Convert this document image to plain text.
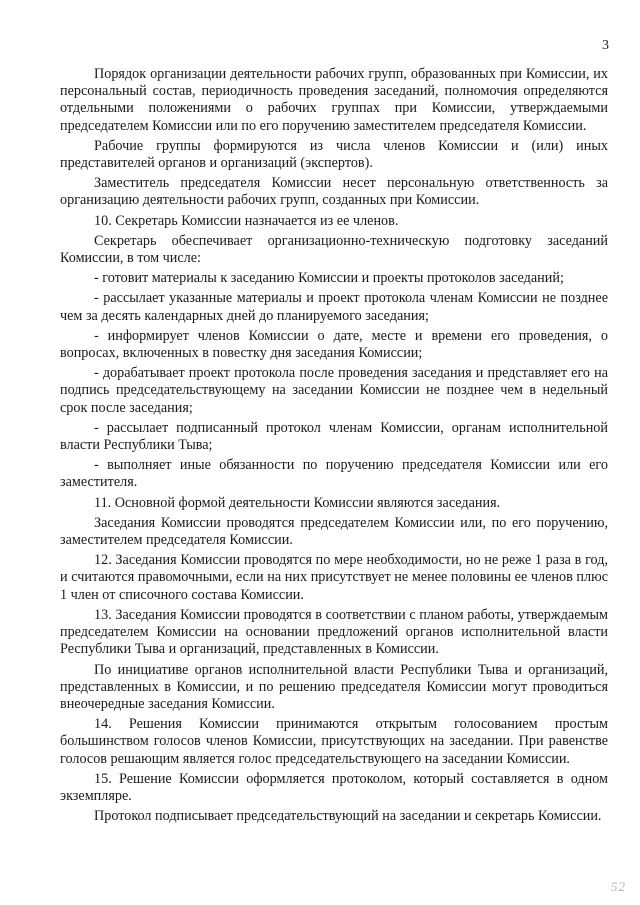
3

Порядок организации деятельности рабочих групп, образованных при Комиссии, их персональный состав, периодичность проведения заседаний, полномочия определяются отдельными положениями о рабочих группах при Комиссии, утверждаемыми председателем Комиссии или по его поручению заместителем председателя Комиссии.

Рабочие группы формируются из числа членов Комиссии и (или) иных представителей органов и организаций (экспертов).

Заместитель председателя Комиссии несет персональную ответственность за организацию деятельности рабочих групп, созданных при Комиссии.

10. Секретарь Комиссии назначается из ее членов.

Секретарь обеспечивает организационно-техническую подготовку заседаний Комиссии, в том числе:

- готовит материалы к заседанию Комиссии и проекты протоколов заседаний;

- рассылает указанные материалы и проект протокола членам Комиссии не позднее чем за десять календарных дней до планируемого заседания;

- информирует членов Комиссии о дате, месте и времени его проведения, о вопросах, включенных в повестку дня заседания Комиссии;

- дорабатывает проект протокола после проведения заседания и представляет его на подпись председательствующему на заседании Комиссии не позднее чем в недельный срок после заседания;

- рассылает подписанный протокол членам Комиссии, органам исполнительной власти Республики Тыва;

- выполняет иные обязанности по поручению председателя Комиссии или его заместителя.

11. Основной формой деятельности Комиссии являются заседания.

Заседания Комиссии проводятся председателем Комиссии или, по его поручению, заместителем председателя Комиссии.

12. Заседания Комиссии проводятся по мере необходимости, но не реже 1 раза в год, и считаются правомочными, если на них присутствует не менее половины ее членов плюс 1 член от списочного состава Комиссии.

13. Заседания Комиссии проводятся в соответствии с планом работы, утверждаемым председателем Комиссии на основании предложений органов исполнительной власти Республики Тыва и организаций, представленных в Комиссии.

По инициативе органов исполнительной власти Республики Тыва и организаций, представленных в Комиссии, и по решению председателя Комиссии могут проводиться внеочередные заседания Комиссии.

14. Решения Комиссии принимаются открытым голосованием простым большинством голосов членов Комиссии, присутствующих на заседании. При равенстве голосов решающим является голос председательствующего на заседании Комиссии.

15. Решение Комиссии оформляется протоколом, который составляется в одном экземпляре.

Протокол подписывает председательствующий на заседании и секретарь Комиссии.

52
